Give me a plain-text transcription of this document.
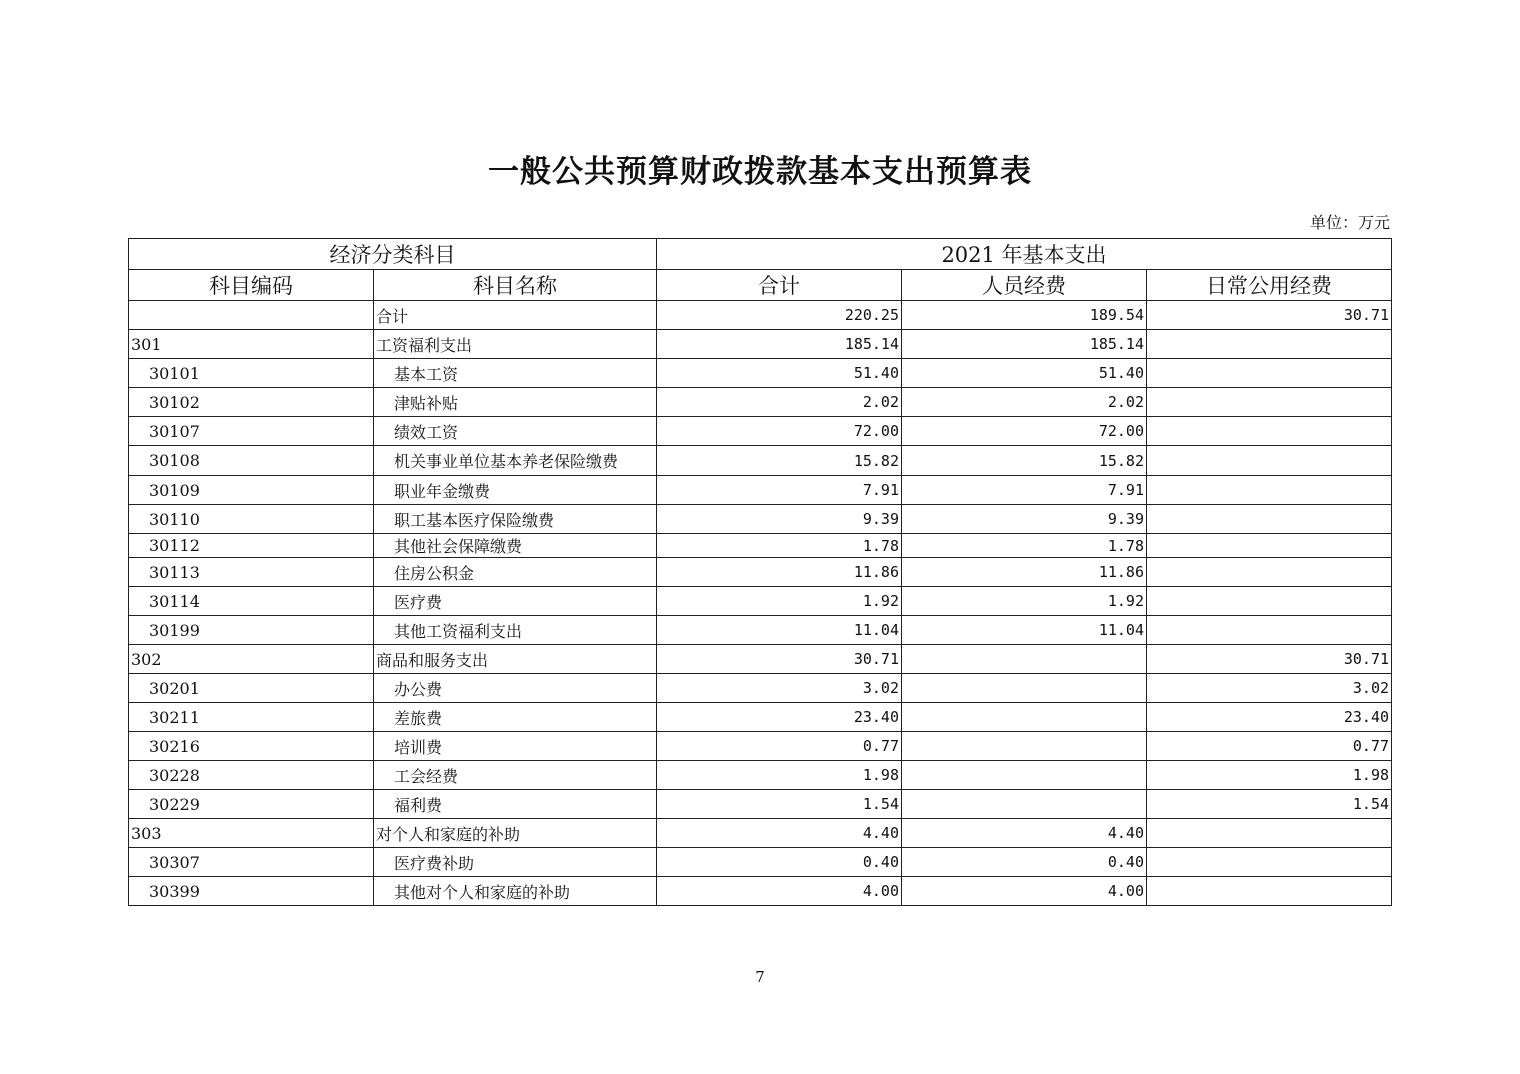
一般公共预算财政拨款基本支出预算表
单位：万元
经济分类科目		2021 年基本支出		
科目编码	科目名称	合计	人员经费	日常公用经费
	合计	220.25	189.54	30.71
301	工资福利支出	185.14	185.14	
30101	基本工资	51.40	51.40	
30102	津贴补贴	2.02	2.02	
30107	绩效工资	72.00	72.00	
30108	机关事业单位基本养老保险缴费	15.82	15.82	
30109	职业年金缴费	7.91	7.91	
30110	职工基本医疗保险缴费	9.39	9.39	
30112	其他社会保障缴费	1.78	1.78	
30113	住房公积金	11.86	11.86	
30114	医疗费	1.92	1.92	
30199	其他工资福利支出	11.04	11.04	
302	商品和服务支出	30.71		30.71
30201	办公费	3.02		3.02
30211	差旅费	23.40		23.40
30216	培训费	0.77		0.77
30228	工会经费	1.98		1.98
30229	福利费	1.54		1.54
303	对个人和家庭的补助	4.40	4.40	
30307	医疗费补助	0.40	0.40	
30399	其他对个人和家庭的补助	4.00	4.00	
7
